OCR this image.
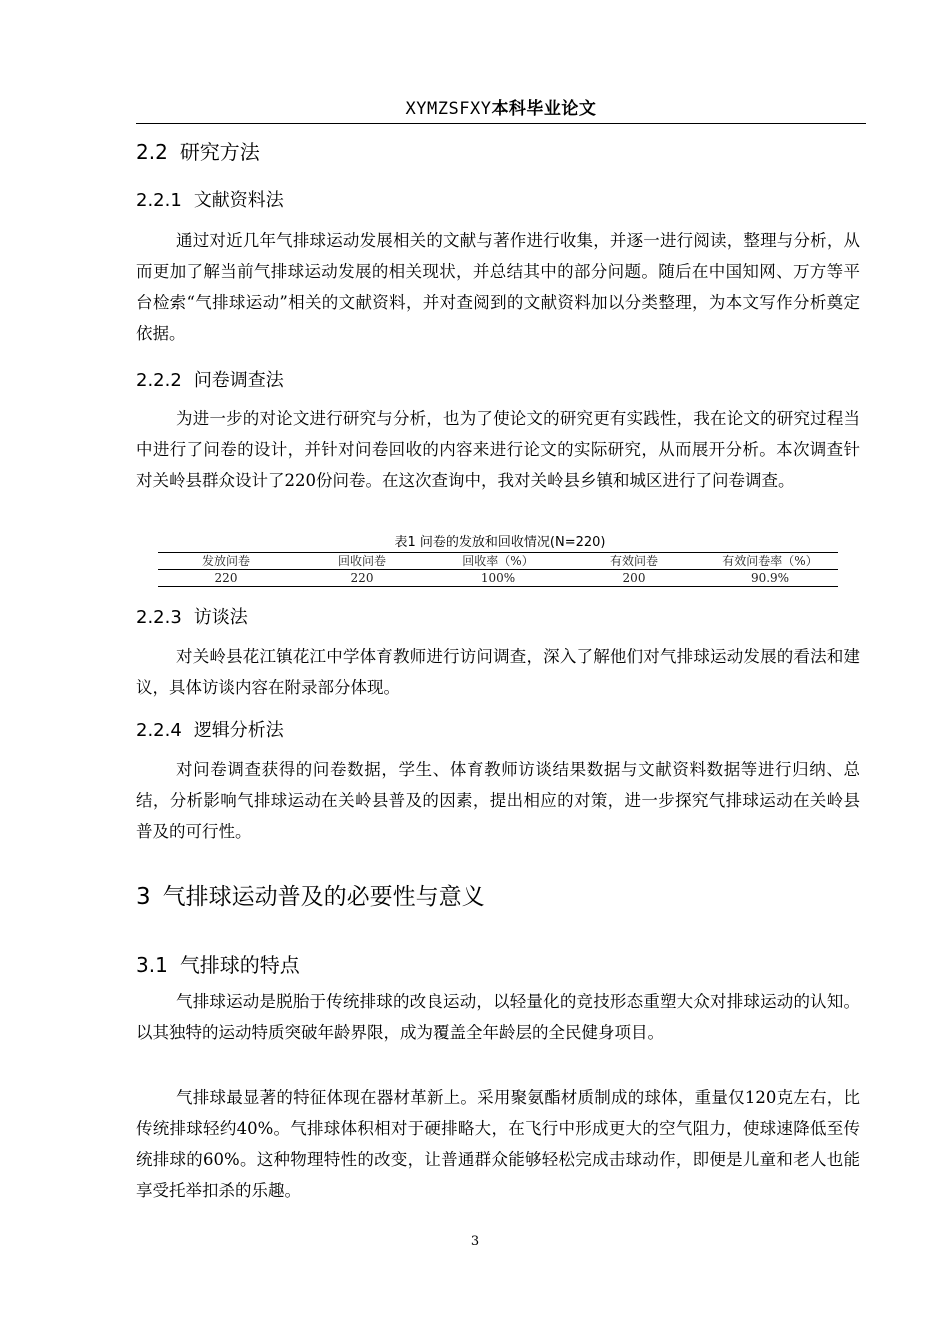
XYMZSFXY本科毕业论文
2.2 研究方法
2.2.1 文献资料法

通过对近几年气排球运动发展相关的文献与著作进行收集，并逐一进行阅读，整理与分析，从而更加了解当前气排球运动发展的相关现状，并总结其中的部分问题。随后在中国知网、万方等平台检索“气排球运动”相关的文献资料，并对查阅到的文献资料加以分类整理，为本文写作分析奠定依据。

2.2.2 问卷调查法

为进一步的对论文进行研究与分析，也为了使论文的研究更有实践性，我在论文的研究过程当中进行了问卷的设计，并针对问卷回收的内容来进行论文的实际研究，从而展开分析。本次调查针对关岭县群众设计了220份问卷。在这次查询中，我对关岭县乡镇和城区进行了问卷调查。

表1 问卷的发放和回收情况(N=220)
发放问卷	回收问卷	回收率（%）	有效问卷	有效问卷率（%）
220	220	100%	200	90.9%
2.2.3 访谈法

对关岭县花江镇花江中学体育教师进行访问调查，深入了解他们对气排球运动发展的看法和建议，具体访谈内容在附录部分体现。

2.2.4 逻辑分析法

对问卷调查获得的问卷数据，学生、体育教师访谈结果数据与文献资料数据等进行归纳、总结，分析影响气排球运动在关岭县普及的因素，提出相应的对策，进一步探究气排球运动在关岭县普及的可行性。

3 气排球运动普及的必要性与意义
3.1 气排球的特点

气排球运动是脱胎于传统排球的改良运动，以轻量化的竞技形态重塑大众对排球运动的认知。以其独特的运动特质突破年龄界限，成为覆盖全年龄层的全民健身项目。

气排球最显著的特征体现在器材革新上。采用聚氨酯材质制成的球体，重量仅120克左右，比传统排球轻约40%。气排球体积相对于硬排略大，在飞行中形成更大的空气阻力，使球速降低至传统排球的60%。这种物理特性的改变，让普通群众能够轻松完成击球动作，即便是儿童和老人也能享受托举扣杀的乐趣。

3
